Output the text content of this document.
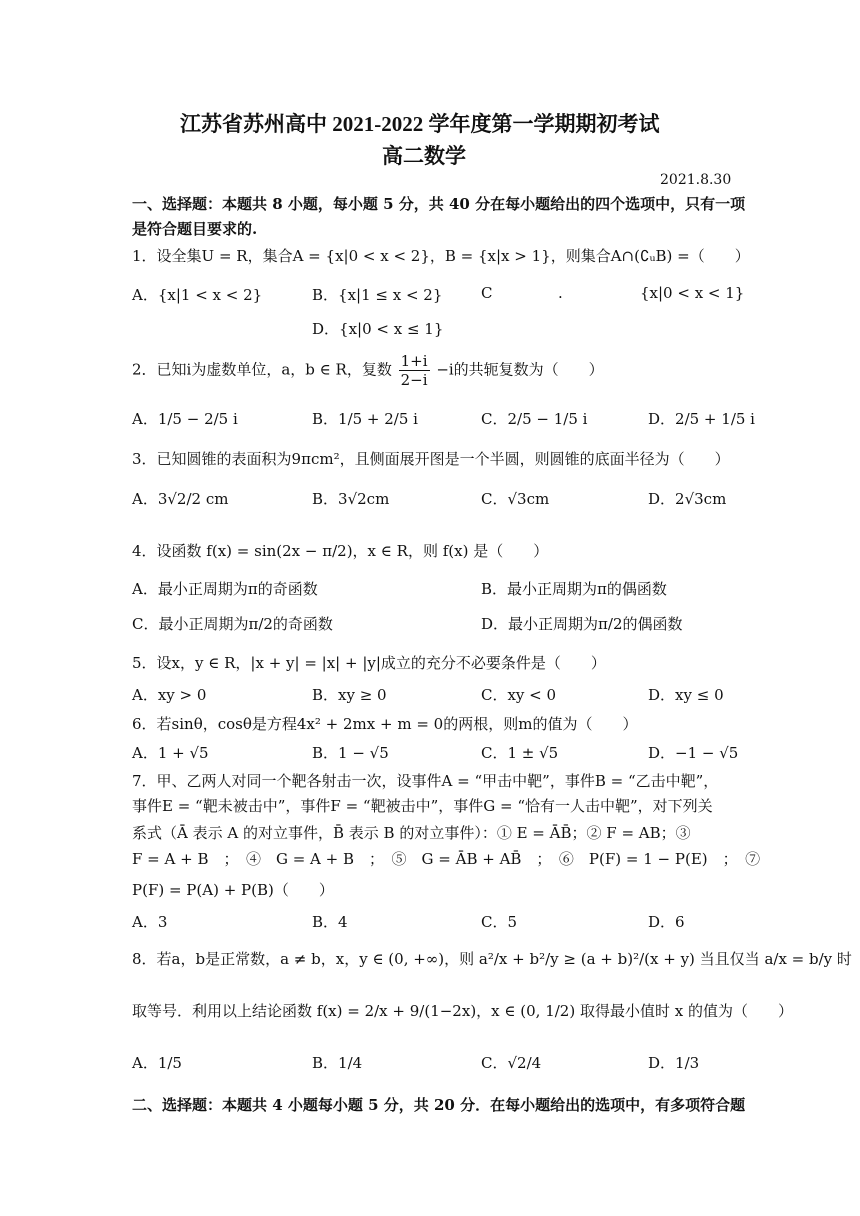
江苏省苏州高中 2021-2022 学年度第一学期期初考试
高二数学
2021.8.30
一、选择题：本题共 8 小题，每小题 5 分，共 40 分在每小题给出的四个选项中，只有一项
是符合题目要求的.
1．设全集U = R，集合A = {x|0 < x < 2}，B = {x|x > 1}，则集合A∩(∁ᵤB) =（　　）
A．{x|1 < x < 2}	B．{x|1 ≤ x < 2}	C	.	{x|0 < x < 1}
D．{x|0 < x ≤ 1}
2．已知i为虚数单位，a，b ∈ R，复数 $\frac{1+i}{2-i} -i$的共轭复数为（　　）
A．1/5 − 2/5 i	B．1/5 + 2/5 i	C．2/5 − 1/5 i	D．2/5 + 1/5 i
3．已知圆锥的表面积为9πcm²，且侧面展开图是一个半圆，则圆锥的底面半径为（　　）
A．3√2/2 cm	B．3√2cm	C．√3cm	D．2√3cm
4．设函数 f(x) = sin(2x − π/2)，x ∈ R，则 f(x) 是（　　）
A．最小正周期为π的奇函数	B．最小正周期为π的偶函数
C．最小正周期为π/2的奇函数	D．最小正周期为π/2的偶函数
5．设x，y ∈ R，|x + y| = |x| + |y|成立的充分不必要条件是（　　）
A．xy > 0	B．xy ≥ 0	C．xy < 0	D．xy ≤ 0
6．若sinθ，cosθ是方程4x² + 2mx + m = 0的两根，则m的值为（　　）
A．1 + √5	B．1 − √5	C．1 ± √5	D．−1 − √5
7．甲、乙两人对同一个靶各射击一次，设事件A = “甲击中靶”，事件B = “乙击中靶”，
事件E = “靶未被击中”，事件F = “靶被击中”，事件G = “恰有一人击中靶”，对下列关
系式（Ā 表示 A 的对立事件，B̄ 表示 B 的对立事件）：① E = ĀB̄；② F = AB；③
F = A + B　；　④　G = A + B　；　⑤　G = ĀB + AB̄　；　⑥　P(F) = 1 − P(E)　；　⑦
P(F) = P(A) + P(B)（　　）
A．3	B．4	C．5	D．6
8．若a，b是正常数，a ≠ b，x，y ∈ (0, +∞)，则 a²/x + b²/y ≥ (a + b)²/(x + y) 当且仅当 a/x = b/y 时
取等号．利用以上结论函数 f(x) = 2/x + 9/(1−2x)，x ∈ (0, 1/2) 取得最小值时 x 的值为（　　）
A．1/5	B．1/4	C．√2/4	D．1/3
二、选择题：本题共 4 小题每小题 5 分，共 20 分．在每小题给出的选项中，有多项符合题
